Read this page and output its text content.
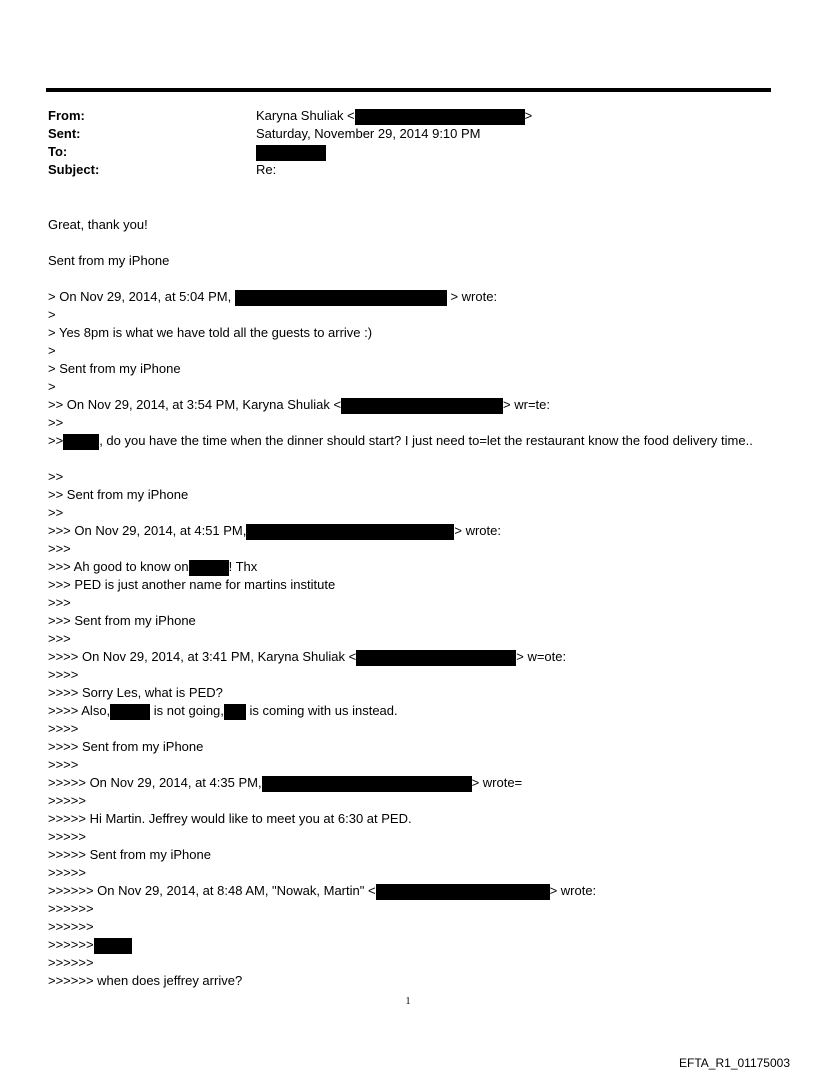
From:	Karyna Shuliak <	>
Sent:	Saturday, November 29, 2014 9:10 PM
To:
Subject:	Re:
Great, thank you!
Sent from my iPhone
> On Nov 29, 2014, at 5:04 PM,	> wrote:
>
> Yes 8pm is what we have told all the guests to arrive :)
>
> Sent from my iPhone
>
>> On Nov 29, 2014, at 3:54 PM, Karyna Shuliak <	> wr=te:
>>
>>	, do you have the time when the dinner should start? I just need to=let the restaurant know the food delivery time..
>>
>> Sent from my iPhone
>>
>>> On Nov 29, 2014, at 4:51 PM,	> wrote:
>>>
>>> Ah good to know on	! Thx
>>> PED is just another name for martins institute
>>>
>>> Sent from my iPhone
>>>
>>>> On Nov 29, 2014, at 3:41 PM, Karyna Shuliak <	> w=ote:
>>>>
>>>> Sorry Les, what is PED?
>>>> Also,	is not going, is coming with us instead.
>>>>
>>>> Sent from my iPhone
>>>>
>>>>> On Nov 29, 2014, at 4:35 PM,	> wrote=
>>>>>
>>>>> Hi Martin. Jeffrey would like to meet you at 6:30 at PED.
>>>>>
>>>>> Sent from my iPhone
>>>>>
>>>>>> On Nov 29, 2014, at 8:48 AM, "Nowak, Martin" <	> wrote:
>>>>>>
>>>>>>
>>>>>>
>>>>>>
>>>>>> when does jeffrey arrive?
1
EFTA_R1_01175003
